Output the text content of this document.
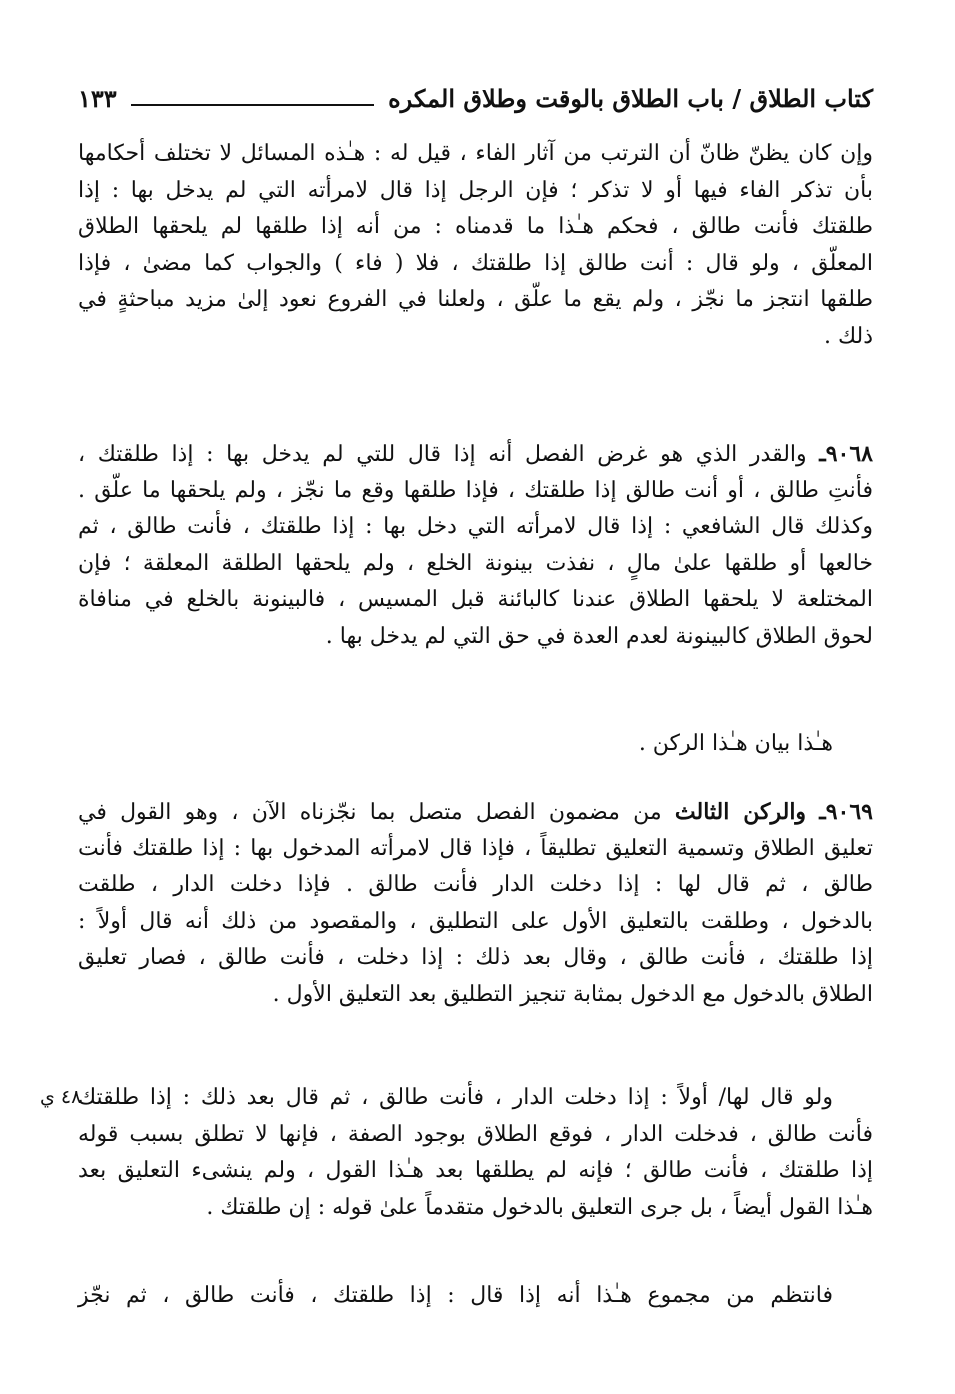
كتاب الطلاق / باب الطلاق بالوقت وطلاق المكره
١٣٣
وإن كان يظنّ ظانّ أن الترتب من آثار الفاء ، قيل له : هـٰذه المسائل لا تختلف أحكامها
بأن تذكر الفاء فيها أو لا تذكر ؛ فإن الرجل إذا قال لامرأته التي لم يدخل بها : إذا
طلقتك فأنت طالق ، فحكم هـٰذا ما قدمناه : من أنه إذا طلقها لم يلحقها الطلاق
المعلّق ، ولو قال : أنت طالق إذا طلقتك ، فلا ( فاء ) والجواب كما مضىٰ ، فإذا
طلقها انتجز ما نجّز ، ولم يقع ما علّق ، ولعلنا في الفروع نعود إلىٰ مزيد مباحثةٍ في
ذلك .
٩٠٦٨ـ والقدر الذي هو غرض الفصل أنه إذا قال للتي لم يدخل بها : إذا طلقتك ،
فأنتِ طالق ، أو أنت طالق إذا طلقتك ، فإذا طلقها وقع ما نجّز ، ولم يلحقها ما علّق .
وكذلك قال الشافعي : إذا قال لامرأته التي دخل بها : إذا طلقتك ، فأنت طالق ، ثم
خالعها أو طلقها علىٰ مالٍ ، نفذت بينونة الخلع ، ولم يلحقها الطلقة المعلقة ؛ فإن
المختلعة لا يلحقها الطلاق عندنا كالبائنة قبل المسيس ، فالبينونة بالخلع في منافاة
لحوق الطلاق كالبينونة لعدم العدة في حق التي لم يدخل بها .
هـٰذا بيان هـٰذا الركن .
٩٠٦٩ـ والركن الثالث من مضمون الفصل متصل بما نجّزناه الآن ، وهو القول في
تعليق الطلاق وتسمية التعليق تطليقاً ، فإذا قال لامرأته المدخول بها : إذا طلقتك فأنت
طالق ، ثم قال لها : إذا دخلت الدار فأنت طالق . فإذا دخلت الدار ، طلقت
بالدخول ، وطلقت بالتعليق الأول على التطليق ، والمقصود من ذلك أنه قال أولاً :
إذا طلقتك ، فأنت طالق ، وقال بعد ذلك : إذا دخلت ، فأنت طالق ، فصار تعليق
الطلاق بالدخول مع الدخول بمثابة تنجيز التطليق بعد التعليق الأول .
ولو قال لها/ أولاً : إذا دخلت الدار ، فأنت طالق ، ثم قال بعد ذلك : إذا طلقتك
فأنت طالق ، فدخلت الدار ، فوقع الطلاق بوجود الصفة ، فإنها لا تطلق بسبب قوله
إذا طلقتك ، فأنت طالق ؛ فإنه لم يطلقها بعد هـٰذا القول ، ولم ينشىء التعليق بعد
هـٰذا القول أيضاً ، بل جرى التعليق بالدخول متقدماً علىٰ قوله : إن طلقتك .
٤٨ ي
فانتظم من مجموع هـٰذا أنه إذا قال : إذا طلقتك ، فأنت طالق ، ثم نجّز
